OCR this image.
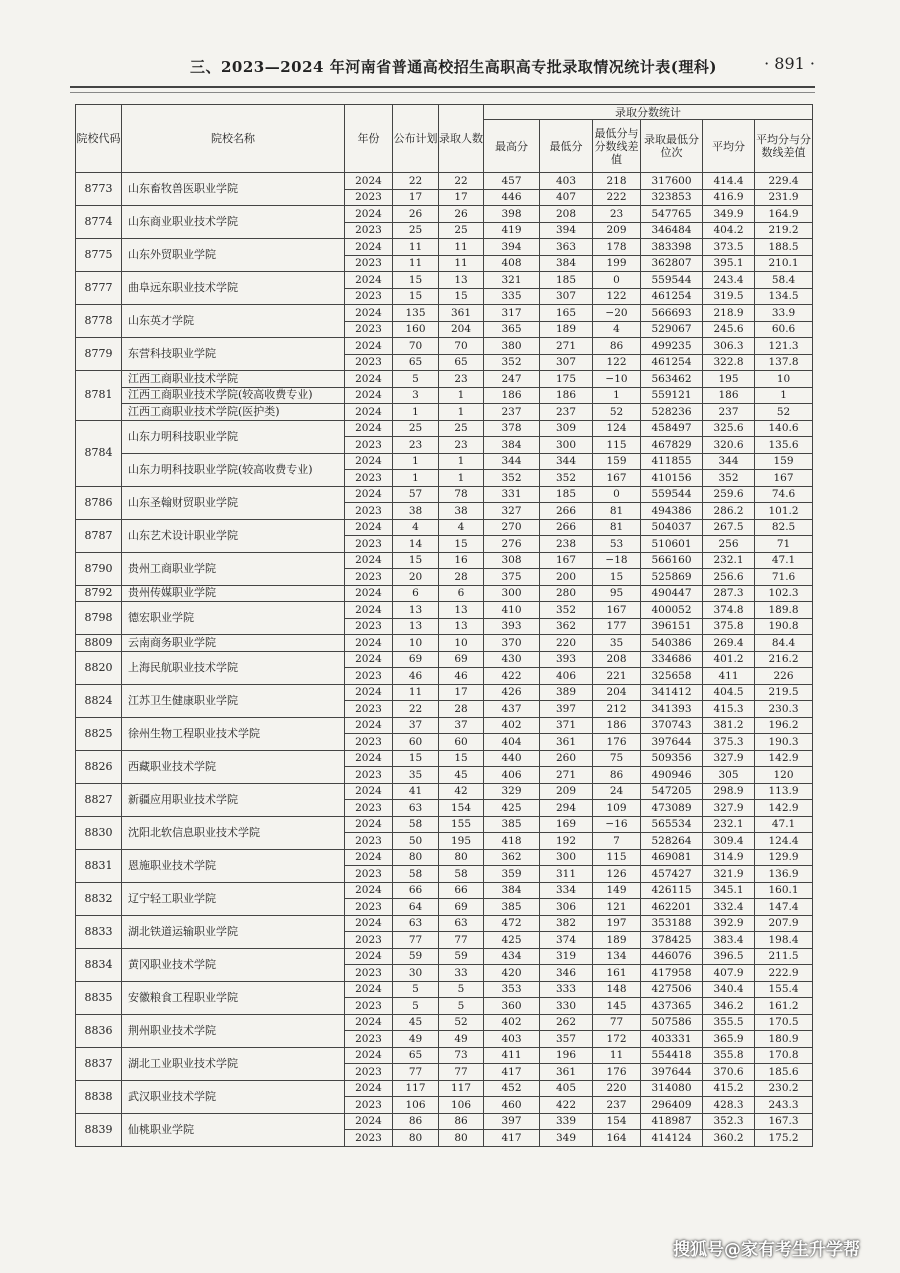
三、2023—2024 年河南省普通高校招生高职高专批录取情况统计表(理科)	· 891 ·
院校代码	院校名称	年份	公布计划	录取人数	录取分数统计					
					最高分	最低分	最低分与分数线差值	录取最低分位次	平均分	平均分与分数线差值
8773	山东畜牧兽医职业学院	2024	22	22	457	403	218	317600	414.4	229.4
		2023	17	17	446	407	222	323853	416.9	231.9
8774	山东商业职业技术学院	2024	26	26	398	208	23	547765	349.9	164.9
		2023	25	25	419	394	209	346484	404.2	219.2
8775	山东外贸职业学院	2024	11	11	394	363	178	383398	373.5	188.5
		2023	11	11	408	384	199	362807	395.1	210.1
8777	曲阜远东职业技术学院	2024	15	13	321	185	0	559544	243.4	58.4
		2023	15	15	335	307	122	461254	319.5	134.5
8778	山东英才学院	2024	135	361	317	165	−20	566693	218.9	33.9
		2023	160	204	365	189	4	529067	245.6	60.6
8779	东营科技职业学院	2024	70	70	380	271	86	499235	306.3	121.3
		2023	65	65	352	307	122	461254	322.8	137.8
8781	江西工商职业技术学院	2024	5	23	247	175	−10	563462	195	10
	江西工商职业技术学院(较高收费专业)	2024	3	1	186	186	1	559121	186	1
	江西工商职业技术学院(医护类)	2024	1	1	237	237	52	528236	237	52
8784	山东力明科技职业学院	2024	25	25	378	309	124	458497	325.6	140.6
		2023	23	23	384	300	115	467829	320.6	135.6
	山东力明科技职业学院(较高收费专业)	2024	1	1	344	344	159	411855	344	159
		2023	1	1	352	352	167	410156	352	167
8786	山东圣翰财贸职业学院	2024	57	78	331	185	0	559544	259.6	74.6
		2023	38	38	327	266	81	494386	286.2	101.2
8787	山东艺术设计职业学院	2024	4	4	270	266	81	504037	267.5	82.5
		2023	14	15	276	238	53	510601	256	71
8790	贵州工商职业学院	2024	15	16	308	167	−18	566160	232.1	47.1
		2023	20	28	375	200	15	525869	256.6	71.6
8792	贵州传媒职业学院	2024	6	6	300	280	95	490447	287.3	102.3
8798	德宏职业学院	2024	13	13	410	352	167	400052	374.8	189.8
		2023	13	13	393	362	177	396151	375.8	190.8
8809	云南商务职业学院	2024	10	10	370	220	35	540386	269.4	84.4
8820	上海民航职业技术学院	2024	69	69	430	393	208	334686	401.2	216.2
		2023	46	46	422	406	221	325658	411	226
8824	江苏卫生健康职业学院	2024	11	17	426	389	204	341412	404.5	219.5
		2023	22	28	437	397	212	341393	415.3	230.3
8825	徐州生物工程职业技术学院	2024	37	37	402	371	186	370743	381.2	196.2
		2023	60	60	404	361	176	397644	375.3	190.3
8826	西藏职业技术学院	2024	15	15	440	260	75	509356	327.9	142.9
		2023	35	45	406	271	86	490946	305	120
8827	新疆应用职业技术学院	2024	41	42	329	209	24	547205	298.9	113.9
		2023	63	154	425	294	109	473089	327.9	142.9
8830	沈阳北软信息职业技术学院	2024	58	155	385	169	−16	565534	232.1	47.1
		2023	50	195	418	192	7	528264	309.4	124.4
8831	恩施职业技术学院	2024	80	80	362	300	115	469081	314.9	129.9
		2023	58	58	359	311	126	457427	321.9	136.9
8832	辽宁轻工职业学院	2024	66	66	384	334	149	426115	345.1	160.1
		2023	64	69	385	306	121	462201	332.4	147.4
8833	湖北铁道运输职业学院	2024	63	63	472	382	197	353188	392.9	207.9
		2023	77	77	425	374	189	378425	383.4	198.4
8834	黄冈职业技术学院	2024	59	59	434	319	134	446076	396.5	211.5
		2023	30	33	420	346	161	417958	407.9	222.9
8835	安徽粮食工程职业学院	2024	5	5	353	333	148	427506	340.4	155.4
		2023	5	5	360	330	145	437365	346.2	161.2
8836	荆州职业技术学院	2024	45	52	402	262	77	507586	355.5	170.5
		2023	49	49	403	357	172	403331	365.9	180.9
8837	湖北工业职业技术学院	2024	65	73	411	196	11	554418	355.8	170.8
		2023	77	77	417	361	176	397644	370.6	185.6
8838	武汉职业技术学院	2024	117	117	452	405	220	314080	415.2	230.2
		2023	106	106	460	422	237	296409	428.3	243.3
8839	仙桃职业学院	2024	86	86	397	339	154	418987	352.3	167.3
		2023	80	80	417	349	164	414124	360.2	175.2
搜狐号@家有考生升学帮
